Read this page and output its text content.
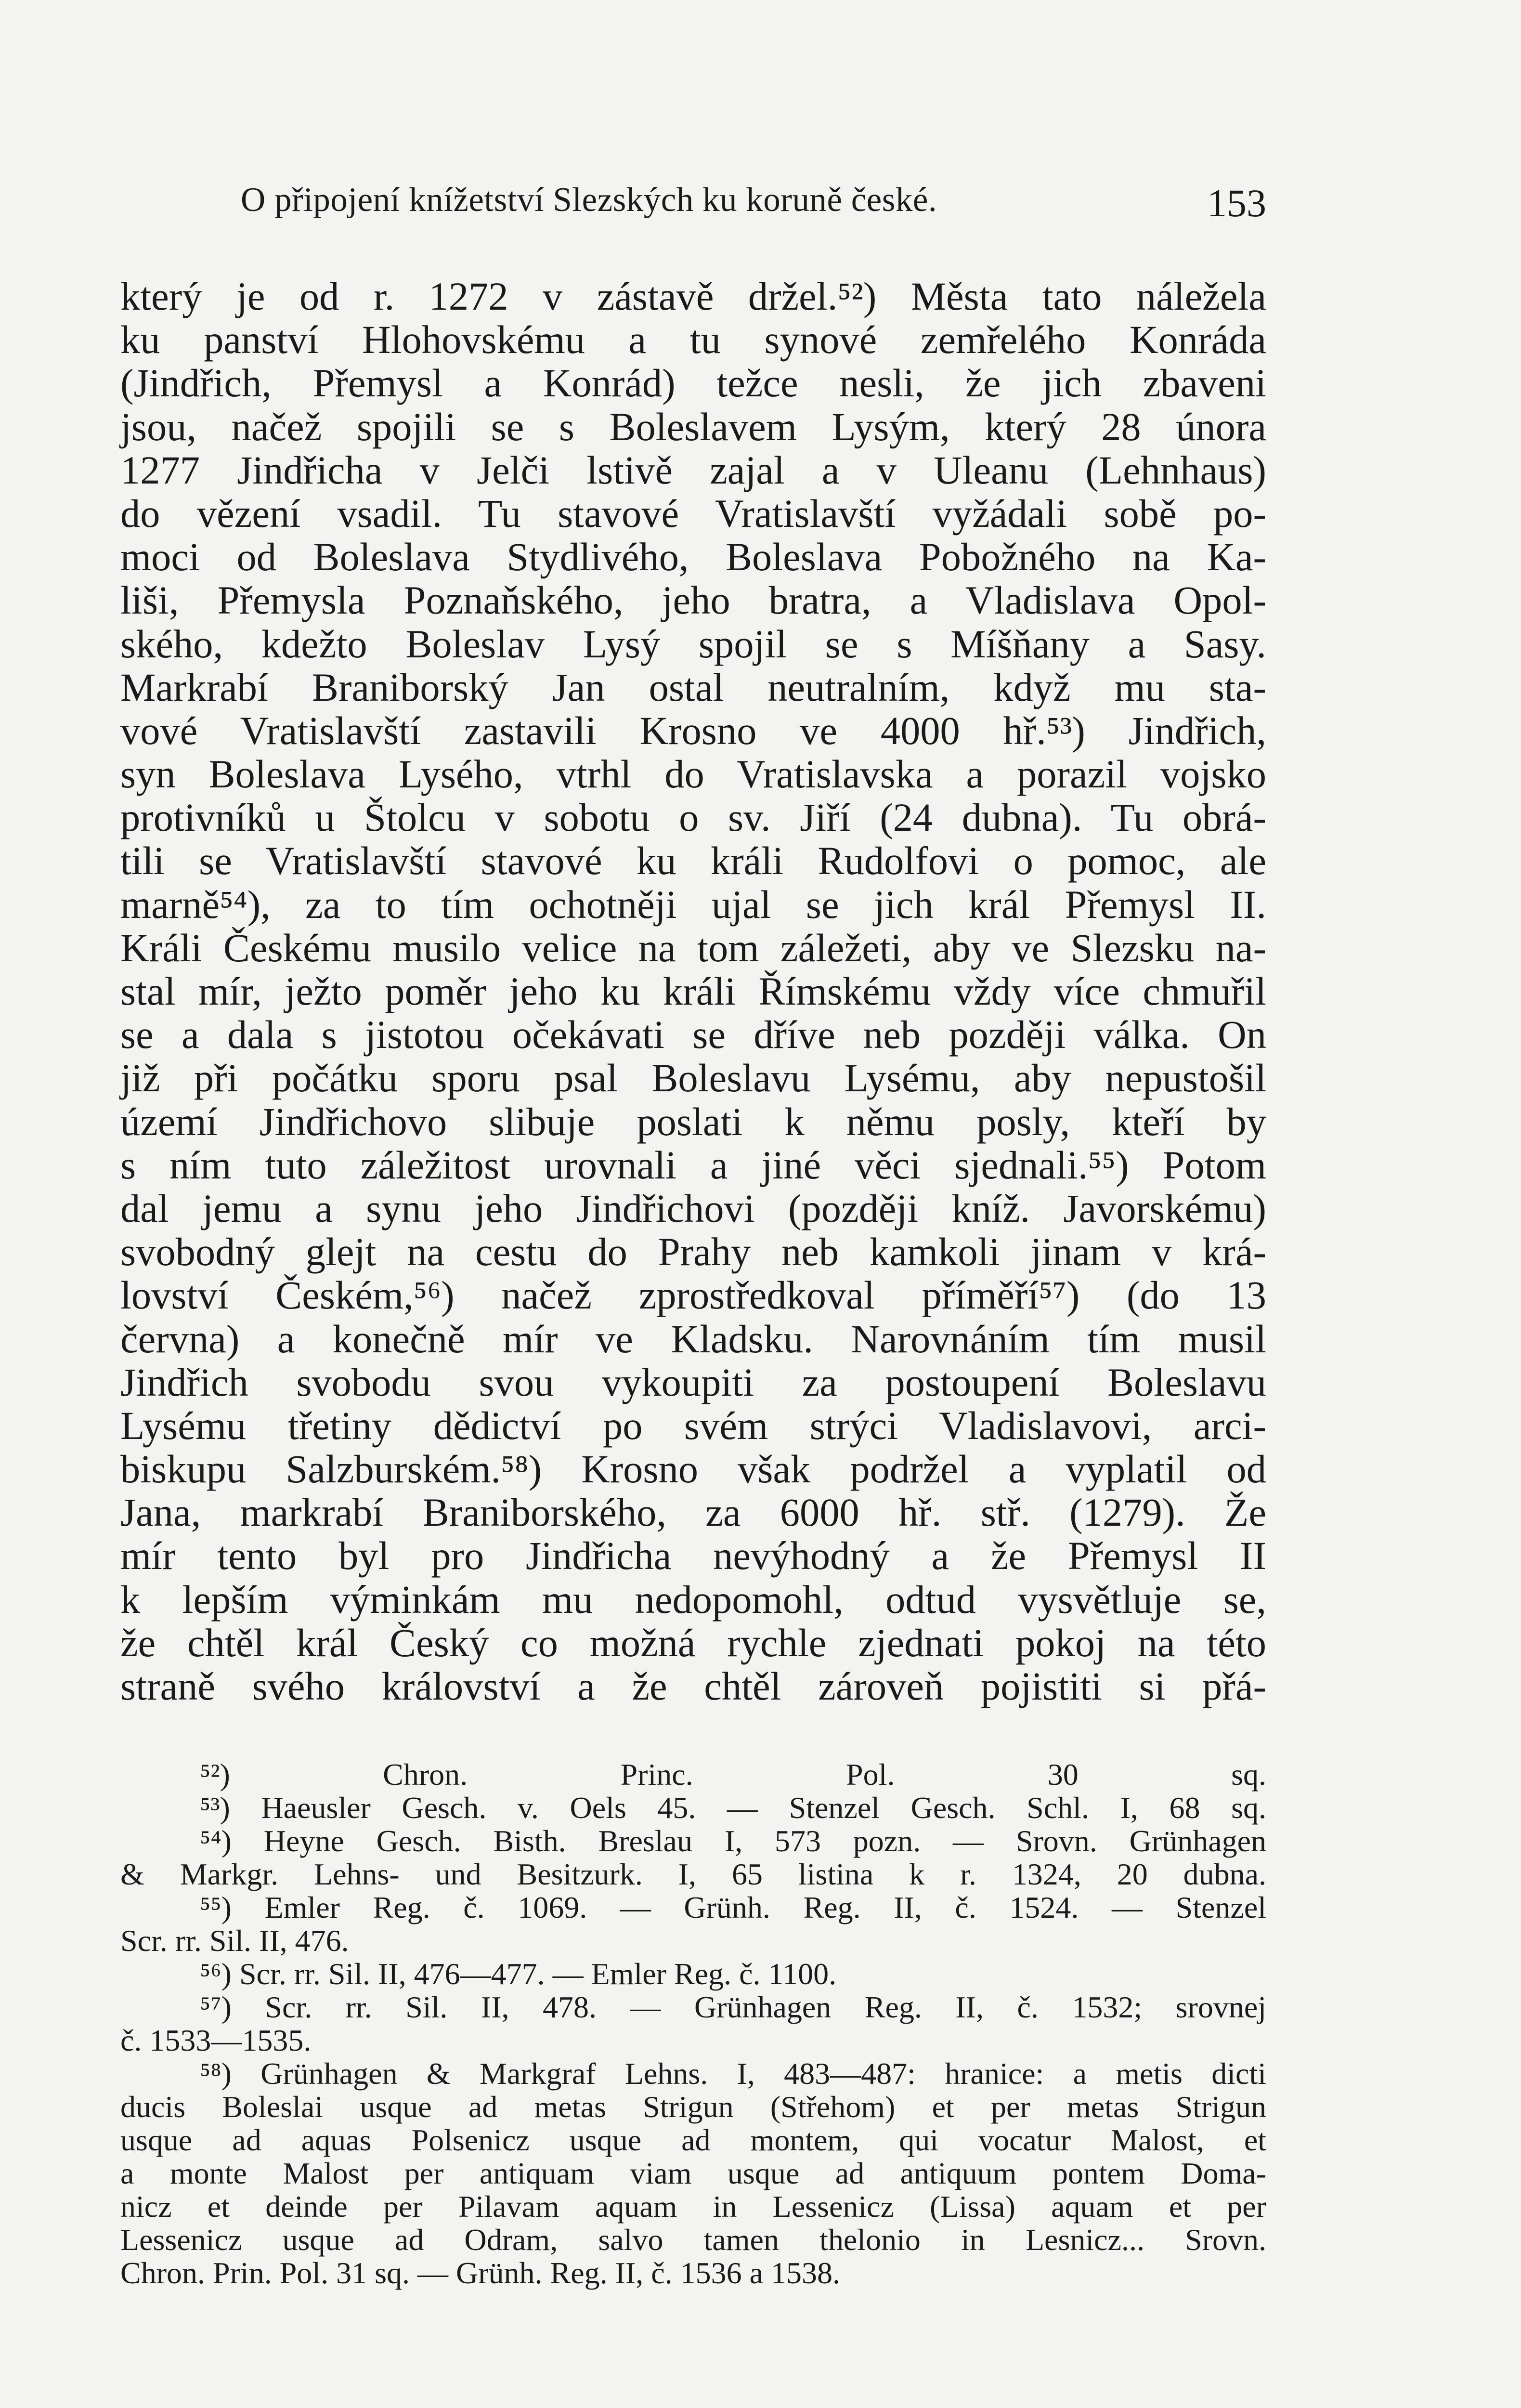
O připojení knížetství Slezských ku koruně české.	153
který je od r. 1272 v zástavě držel.⁵²) Města tato náležela
ku panství Hlohovskému a tu synové zemřelého Konráda
(Jindřich, Přemysl a Konrád) težce nesli, že jich zbaveni
jsou, načež spojili se s Boleslavem Lysým, který 28 února
1277 Jindřicha v Jelči lstivě zajal a v Uleanu (Lehnhaus)
do vězení vsadil. Tu stavové Vratislavští vyžádali sobě po-
moci od Boleslava Stydlivého, Boleslava Pobožného na Ka-
liši, Přemysla Poznaňského, jeho bratra, a Vladislava Opol-
ského, kdežto Boleslav Lysý spojil se s Míšňany a Sasy.
Markrabí Braniborský Jan ostal neutralním, když mu sta-
vové Vratislavští zastavili Krosno ve 4000 hř.⁵³) Jindřich,
syn Boleslava Lysého, vtrhl do Vratislavska a porazil vojsko
protivníků u Štolcu v sobotu o sv. Jiří (24 dubna). Tu obrá-
tili se Vratislavští stavové ku králi Rudolfovi o pomoc, ale
marně⁵⁴), za to tím ochotněji ujal se jich král Přemysl II.
Králi Českému musilo velice na tom záležeti, aby ve Slezsku na-
stal mír, ježto poměr jeho ku králi Římskému vždy více chmuřil
se a dala s jistotou očekávati se dříve neb později válka. On
již při počátku sporu psal Boleslavu Lysému, aby nepustošil
území Jindřichovo slibuje poslati k němu posly, kteří by
s ním tuto záležitost urovnali a jiné věci sjednali.⁵⁵) Potom
dal jemu a synu jeho Jindřichovi (později kníž. Javorskému)
svobodný glejt na cestu do Prahy neb kamkoli jinam v krá-
lovství Českém,⁵⁶) načež zprostředkoval příměří⁵⁷) (do 13
června) a konečně mír ve Kladsku. Narovnáním tím musil
Jindřich svobodu svou vykoupiti za postoupení Boleslavu
Lysému třetiny dědictví po svém strýci Vladislavovi, arci-
biskupu Salzburském.⁵⁸) Krosno však podržel a vyplatil od
Jana, markrabí Braniborského, za 6000 hř. stř. (1279). Že
mír tento byl pro Jindřicha nevýhodný a že Přemysl II
k lepším výminkám mu nedopomohl, odtud vysvětluje se,
že chtěl král Český co možná rychle zjednati pokoj na této
straně svého království a že chtěl zároveň pojistiti si přá-
⁵²) Chron. Princ. Pol. 30 sq.
⁵³) Haeusler Gesch. v. Oels 45. — Stenzel Gesch. Schl. I, 68 sq.
⁵⁴) Heyne Gesch. Bisth. Breslau I, 573 pozn. — Srovn. Grünhagen
& Markgr. Lehns- und Besitzurk. I, 65 listina k r. 1324, 20 dubna.
⁵⁵) Emler Reg. č. 1069. — Grünh. Reg. II, č. 1524. — Stenzel
Scr. rr. Sil. II, 476.
⁵⁶) Scr. rr. Sil. II, 476—477. — Emler Reg. č. 1100.
⁵⁷) Scr. rr. Sil. II, 478. — Grünhagen Reg. II, č. 1532; srovnej
č. 1533—1535.
⁵⁸) Grünhagen & Markgraf Lehns. I, 483—487: hranice: a metis dicti
ducis Boleslai usque ad metas Strigun (Střehom) et per metas Strigun
usque ad aquas Polsenicz usque ad montem, qui vocatur Malost, et
a monte Malost per antiquam viam usque ad antiquum pontem Doma-
nicz et deinde per Pilavam aquam in Lessenicz (Lissa) aquam et per
Lessenicz usque ad Odram, salvo tamen thelonio in Lesnicz... Srovn.
Chron. Prin. Pol. 31 sq. — Grünh. Reg. II, č. 1536 a 1538.
